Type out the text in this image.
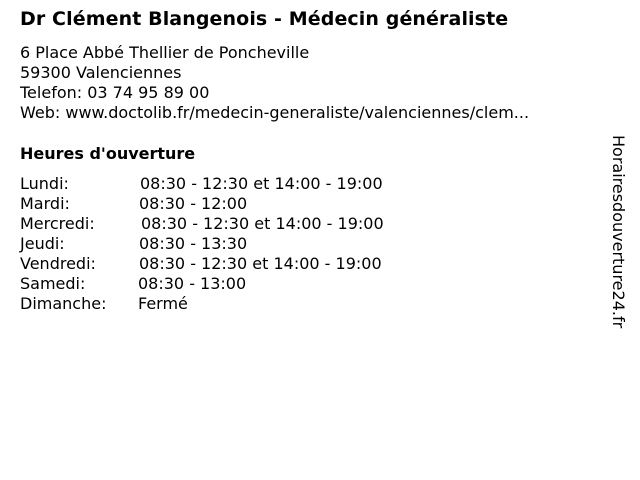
Dr Clément Blangenois - Médecin généraliste
6 Place Abbé Thellier de Poncheville
59300 Valenciennes
Telefon: 03 74 95 89 00
Web: www.doctolib.fr/medecin-generaliste/valenciennes/clem...
Heures d'ouverture
Lundi:	08:30 - 12:30 et 14:00 - 19:00
Mardi:	08:30 - 12:00
Mercredi:	08:30 - 12:30 et 14:00 - 19:00
Jeudi:	08:30 - 13:30
Vendredi:	08:30 - 12:30 et 14:00 - 19:00
Samedi:	08:30 - 13:00
Dimanche: Fermé	Horairesdouverture24.fr
